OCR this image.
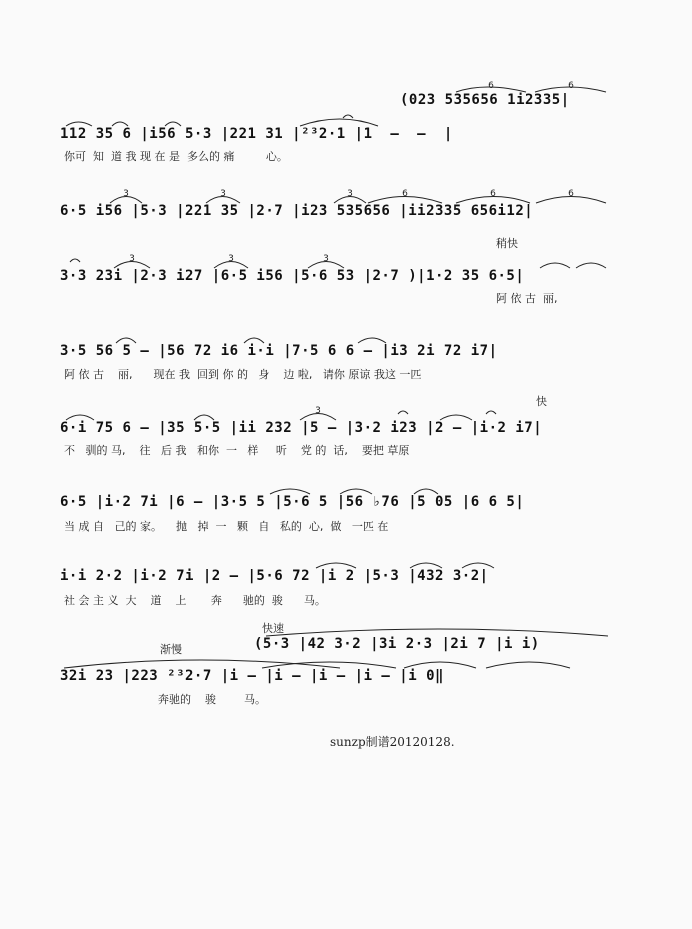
(023 535656 1i2335|
112 35 6 |i56 5·3 |221 31 |²³2·1 |1  –  –  |
你可  知  道 我 现 在 是  多么的 痛         心。
6·5 i56 |5·3 |221 35 |2·7 |i23 535656 |ii2335 656i12|
稍快
3·3 23i |2·3 i27 |6·5 i56 |5·6 53 |2·7 )|1·2 35 6·5|
阿 依 古  丽,
3·5 56 5 – |56 72 i6 i·i |7·5 6 6 – |i3 2i 72 i7|
阿 依 古    丽,      现在 我  回到 你 的   身    边 啦,   请你 原谅 我这 一匹
快
6·i 75 6 – |35 5·5 |ii 232 |5 – |3·2 i23 |2 – |i·2 i7|
不   驯的 马,    往   后 我   和你  一   样     听    党 的  话,    要把 草原
6·5 |i·2 7i |6 – |3·5 5 |5·6 5 |56 ♭76 |5 05 |6 6 5|
当 成 自   己的 家。    抛   掉  一   颗   自   私的  心,  做   一匹 在
i·i 2·2 |i·2 7i |2 – |5·6 72 |i 2 |5·3 |432 3·2|
社 会 主 义  大    道    上       奔      驰的  骏      马。
快速
渐慢	(5·3 |42 3·2 |3i 2·3 |2i 7 |i i)
32i 23 |223 ²³2·7 |i – |i – |i – |i – |i 0‖
奔驰的    骏        马。
sunzp制谱20120128.
6	6
3	3	3	6	6	6
3	3	3
3
